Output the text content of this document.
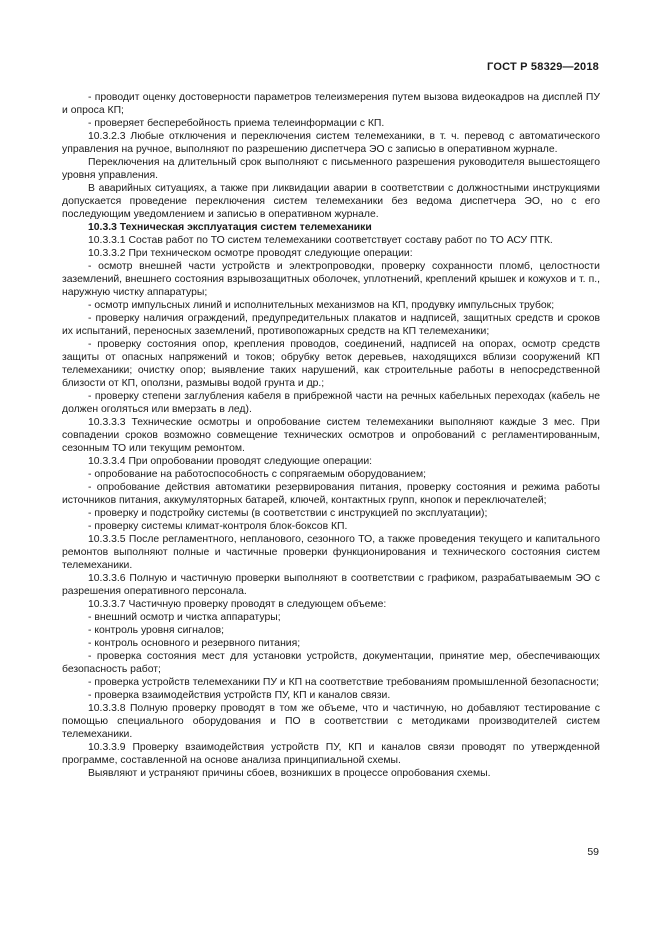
ГОСТ Р 58329—2018

- проводит оценку достоверности параметров телеизмерения путем вызова видеокадров на дисплей ПУ и опроса КП;

- проверяет бесперебойность приема телеинформации с КП.

10.3.2.3 Любые отключения и переключения систем телемеханики, в т. ч. перевод с автоматического управления на ручное, выполняют по разрешению диспетчера ЭО с записью в оперативном журнале.

Переключения на длительный срок выполняют с письменного разрешения руководителя вышестоящего уровня управления.

В аварийных ситуациях, а также при ликвидации аварии в соответствии с должностными инструкциями допускается проведение переключения систем телемеханики без ведома диспетчера ЭО, но с его последующим уведомлением и записью в оперативном журнале.

10.3.3 Техническая эксплуатация систем телемеханики

10.3.3.1 Состав работ по ТО систем телемеханики соответствует составу работ по ТО АСУ ПТК.

10.3.3.2 При техническом осмотре проводят следующие операции:

- осмотр внешней части устройств и электропроводки, проверку сохранности пломб, целостности заземлений, внешнего состояния взрывозащитных оболочек, уплотнений, креплений крышек и кожухов и т. п., наружную чистку аппаратуры;

- осмотр импульсных линий и исполнительных механизмов на КП, продувку импульсных трубок;

- проверку наличия ограждений, предупредительных плакатов и надписей, защитных средств и сроков их испытаний, переносных заземлений, противопожарных средств на КП телемеханики;

- проверку состояния опор, крепления проводов, соединений, надписей на опорах, осмотр средств защиты от опасных напряжений и токов; обрубку веток деревьев, находящихся вблизи сооружений КП телемеханики; очистку опор; выявление таких нарушений, как строительные работы в непосредственной близости от КП, оползни, размывы водой грунта и др.;

- проверку степени заглубления кабеля в прибрежной части на речных кабельных переходах (кабель не должен оголяться или вмерзать в лед).

10.3.3.3 Технические осмотры и опробование систем телемеханики выполняют каждые 3 мес. При совпадении сроков возможно совмещение технических осмотров и опробований с регламентированным, сезонным ТО или текущим ремонтом.

10.3.3.4 При опробовании проводят следующие операции:

- опробование на работоспособность с сопрягаемым оборудованием;

- опробование действия автоматики резервирования питания, проверку состояния и режима работы источников питания, аккумуляторных батарей, ключей, контактных групп, кнопок и переключателей;

- проверку и подстройку системы (в соответствии с инструкцией по эксплуатации);

- проверку системы климат-контроля блок-боксов КП.

10.3.3.5 После регламентного, непланового, сезонного ТО, а также проведения текущего и капитального ремонтов выполняют полные и частичные проверки функционирования и технического состояния систем телемеханики.

10.3.3.6 Полную и частичную проверки выполняют в соответствии с графиком, разрабатываемым ЭО с разрешения оперативного персонала.

10.3.3.7 Частичную проверку проводят в следующем объеме:

- внешний осмотр и чистка аппаратуры;

- контроль уровня сигналов;

- контроль основного и резервного питания;

- проверка состояния мест для установки устройств, документации, принятие мер, обеспечивающих безопасность работ;

- проверка устройств телемеханики ПУ и КП на соответствие требованиям промышленной безопасности;

- проверка взаимодействия устройств ПУ, КП и каналов связи.

10.3.3.8 Полную проверку проводят в том же объеме, что и частичную, но добавляют тестирование с помощью специального оборудования и ПО в соответствии с методиками производителей систем телемеханики.

10.3.3.9 Проверку взаимодействия устройств ПУ, КП и каналов связи проводят по утвержденной программе, составленной на основе анализа принципиальной схемы.

Выявляют и устраняют причины сбоев, возникших в процессе опробования схемы.

59
